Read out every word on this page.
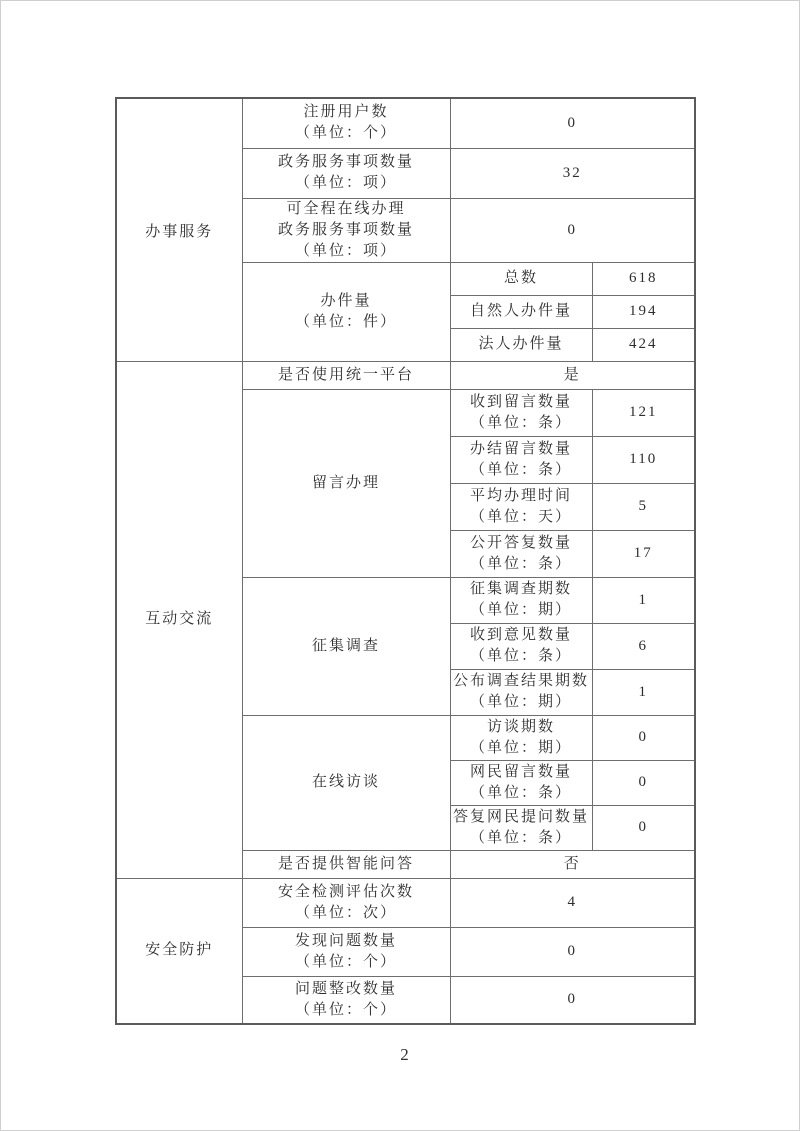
办事服务	注册用户数
（单位：个）	0	

	政务服务事项数量
（单位：项）	32	

	可全程在线办理
政务服务事项数量
（单位：项）	0	

	办件量
（单位：件）	总数	618

		自然人办件量	194

		法人办件量	424

互动交流	是否使用统一平台	是	

	留言办理	收到留言数量
（单位：条）	121

		办结留言数量
（单位：条）	110

		平均办理时间
（单位：天）	5

		公开答复数量
（单位：条）	17

	征集调查	征集调查期数
（单位：期）	1

		收到意见数量
（单位：条）	6

		公布调查结果期数
（单位：期）	1

	在线访谈	访谈期数
（单位：期）	0

		网民留言数量
（单位：条）	0

		答复网民提问数量
（单位：条）	0

	是否提供智能问答	否	

安全防护	安全检测评估次数
（单位：次）	4	

	发现问题数量
（单位：个）	0	

	问题整改数量
（单位：个）	0	
2
